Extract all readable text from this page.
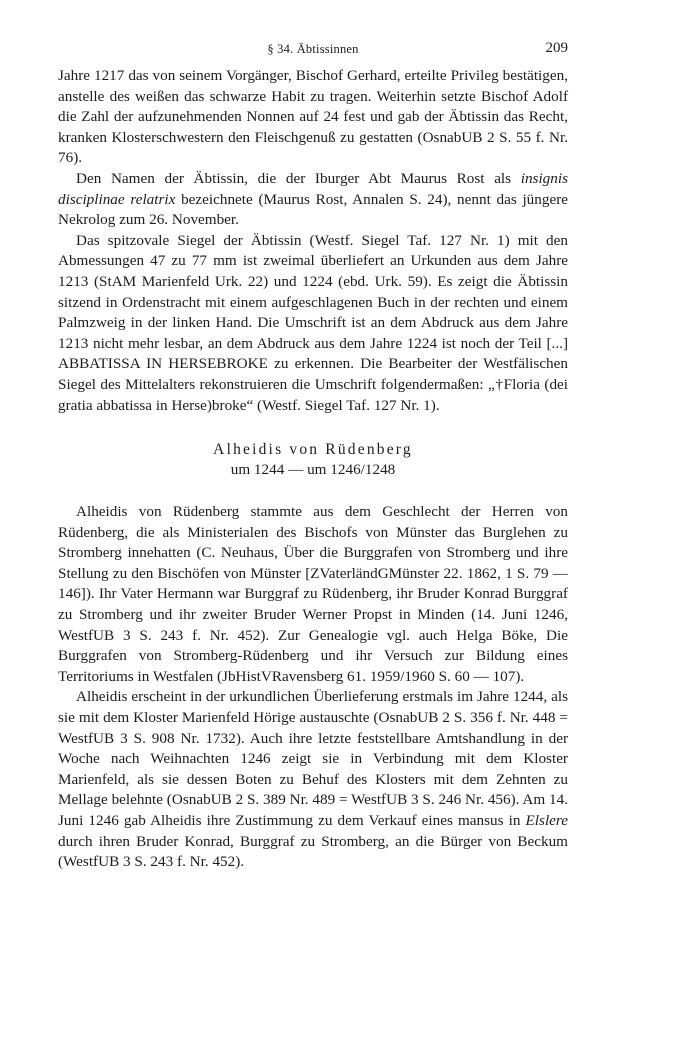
§ 34. Äbtissinnen	209

Jahre 1217 das von seinem Vorgänger, Bischof Gerhard, erteilte Privileg bestätigen, anstelle des weißen das schwarze Habit zu tragen. Weiterhin setzte Bischof Adolf die Zahl der aufzunehmenden Nonnen auf 24 fest und gab der Äbtissin das Recht, kranken Klosterschwestern den Fleischgenuß zu gestatten (OsnabUB 2 S. 55 f. Nr. 76).

Den Namen der Äbtissin, die der Iburger Abt Maurus Rost als insignis disciplinae relatrix bezeichnete (Maurus Rost, Annalen S. 24), nennt das jüngere Nekrolog zum 26. November.

Das spitzovale Siegel der Äbtissin (Westf. Siegel Taf. 127 Nr. 1) mit den Abmessungen 47 zu 77 mm ist zweimal überliefert an Urkunden aus dem Jahre 1213 (StAM Marienfeld Urk. 22) und 1224 (ebd. Urk. 59). Es zeigt die Äbtissin sitzend in Ordenstracht mit einem aufgeschlagenen Buch in der rechten und einem Palmzweig in der linken Hand. Die Umschrift ist an dem Abdruck aus dem Jahre 1213 nicht mehr lesbar, an dem Abdruck aus dem Jahre 1224 ist noch der Teil [...] ABBATISSA IN HERSEBROKE zu erkennen. Die Bearbeiter der Westfälischen Siegel des Mittelalters rekonstruieren die Umschrift folgendermaßen: „†Floria (dei gratia abbatissa in Herse)broke“ (Westf. Siegel Taf. 127 Nr. 1).

Alheidis von Rüdenberg
um 1244 — um 1246/1248

Alheidis von Rüdenberg stammte aus dem Geschlecht der Herren von Rüdenberg, die als Ministerialen des Bischofs von Münster das Burglehen zu Stromberg innehatten (C. Neuhaus, Über die Burggrafen von Stromberg und ihre Stellung zu den Bischöfen von Münster [ZVaterländGMünster 22. 1862, 1 S. 79 — 146]). Ihr Vater Hermann war Burggraf zu Rüdenberg, ihr Bruder Konrad Burggraf zu Stromberg und ihr zweiter Bruder Werner Propst in Minden (14. Juni 1246, WestfUB 3 S. 243 f. Nr. 452). Zur Genealogie vgl. auch Helga Böke, Die Burggrafen von Stromberg-Rüdenberg und ihr Versuch zur Bildung eines Territoriums in Westfalen (JbHistVRavensberg 61. 1959/1960 S. 60 — 107).

Alheidis erscheint in der urkundlichen Überlieferung erstmals im Jahre 1244, als sie mit dem Kloster Marienfeld Hörige austauschte (OsnabUB 2 S. 356 f. Nr. 448 = WestfUB 3 S. 908 Nr. 1732). Auch ihre letzte feststellbare Amtshandlung in der Woche nach Weihnachten 1246 zeigt sie in Verbindung mit dem Kloster Marienfeld, als sie dessen Boten zu Behuf des Klosters mit dem Zehnten zu Mellage belehnte (OsnabUB 2 S. 389 Nr. 489 = WestfUB 3 S. 246 Nr. 456). Am 14. Juni 1246 gab Alheidis ihre Zustimmung zu dem Verkauf eines mansus in Elslere durch ihren Bruder Konrad, Burggraf zu Stromberg, an die Bürger von Beckum (WestfUB 3 S. 243 f. Nr. 452).
